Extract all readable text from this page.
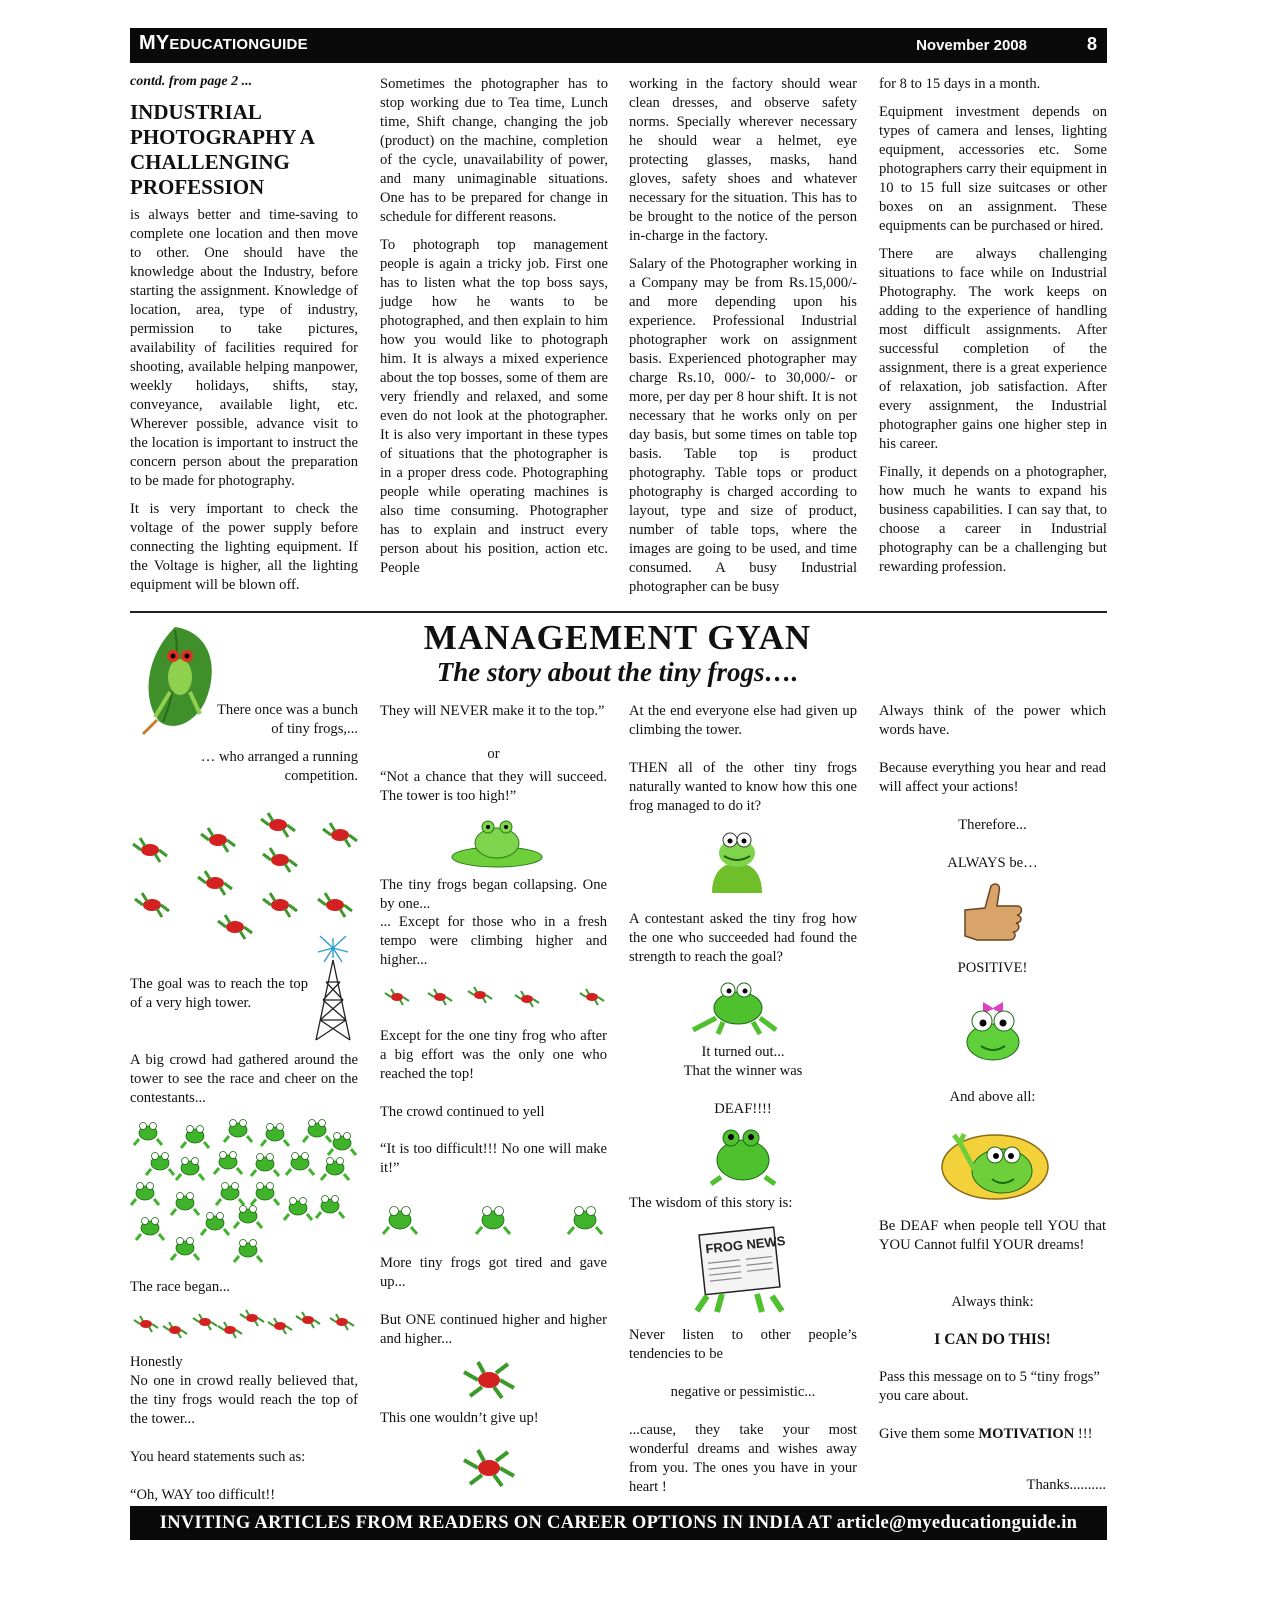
MYEDUCATIONGUIDE	November 2008	8
contd. from page 2 ...
INDUSTRIAL PHOTOGRAPHY A CHALLENGING PROFESSION

is always better and time-saving to complete one location and then move to other. One should have the knowledge about the Industry, before starting the assignment. Knowledge of location, area, type of industry, permission to take pictures, availability of facilities required for shooting, available helping manpower, weekly holidays, shifts, stay, conveyance, available light, etc. Wherever possible, advance visit to the location is important to instruct the concern person about the preparation to be made for photography.

It is very important to check the voltage of the power supply before connecting the lighting equipment. If the Voltage is higher, all the lighting equipment will be blown off.

Sometimes the photographer has to stop working due to Tea time, Lunch time, Shift change, changing the job (product) on the machine, completion of the cycle, unavailability of power, and many unimaginable situations. One has to be prepared for change in schedule for different reasons.

To photograph top management people is again a tricky job. First one has to listen what the top boss says, judge how he wants to be photographed, and then explain to him how you would like to photograph him. It is always a mixed experience about the top bosses, some of them are very friendly and relaxed, and some even do not look at the photographer. It is also very important in these types of situations that the photographer is in a proper dress code. Photographing people while operating machines is also time consuming. Photographer has to explain and instruct every person about his position, action etc. People

working in the factory should wear clean dresses, and observe safety norms. Specially wherever necessary he should wear a helmet, eye protecting glasses, masks, hand gloves, safety shoes and whatever necessary for the situation. This has to be brought to the notice of the person in-charge in the factory.

Salary of the Photographer working in a Company may be from Rs.15,000/- and more depending upon his experience. Professional Industrial photographer work on assignment basis. Experienced photographer may charge Rs.10, 000/- to 30,000/- or more, per day per 8 hour shift. It is not necessary that he works only on per day basis, but some times on table top basis. Table top is product photography. Table tops or product photography is charged according to layout, type and size of product, number of table tops, where the images are going to be used, and time consumed. A busy Industrial photographer can be busy

for 8 to 15 days in a month.

Equipment investment depends on types of camera and lenses, lighting equipment, accessories etc. Some photographers carry their equipment in 10 to 15 full size suitcases or other boxes on an assignment. These equipments can be purchased or hired.

There are always challenging situations to face while on Industrial Photography. The work keeps on adding to the experience of handling most difficult assignments. After successful completion of the assignment, there is a great experience of relaxation, job satisfaction. After every assignment, the Industrial photographer gains one higher step in his career.

Finally, it depends on a photographer, how much he wants to expand his business capabilities. I can say that, to choose a career in Industrial photography can be a challenging but rewarding profession.

MANAGEMENT GYAN
The story about the tiny frogs….
There once was a bunch of tiny frogs,...
… who arranged a running competition.
The goal was to reach the top of a very high tower.
A big crowd had gathered around the tower to see the race and cheer on the contestants...
The race began...
Honestly
No one in crowd really believed that, the tiny frogs would reach the top of the tower...
You heard statements such as:
“Oh, WAY too difficult!!
They will NEVER make it to the top.”
or
“Not a chance that they will succeed. The tower is too high!”
The tiny frogs began collapsing. One by one...
... Except for those who in a fresh tempo were climbing higher and higher...
Except for the one tiny frog who after a big effort was the only one who reached the top!
The crowd continued to yell
“It is too difficult!!! No one will make it!”
More tiny frogs got tired and gave up...
But ONE continued higher and higher and higher...
This one wouldn’t give up!
At the end everyone else had given up climbing the tower.
THEN all of the other tiny frogs naturally wanted to know how this one frog managed to do it?
A contestant asked the tiny frog how the one who succeeded had found the strength to reach the goal?
It turned out...
That the winner was
DEAF!!!!
The wisdom of this story is:
FROG NEWS
Never listen to other people’s tendencies to be
negative or pessimistic...
...cause, they take your most wonderful dreams and wishes away from you. The ones you have in your heart !
Always think of the power which words have.
Because everything you hear and read will affect your actions!
Therefore...
ALWAYS be…
POSITIVE!
And above all:
Be DEAF when people tell YOU that YOU Cannot fulfil YOUR dreams!
Always think:
I CAN DO THIS!
Pass this message on to 5 “tiny frogs” you care about.
Give them some MOTIVATION !!!
Thanks..........
INVITING ARTICLES FROM READERS ON CAREER OPTIONS IN INDIA AT article@myeducationguide.in
